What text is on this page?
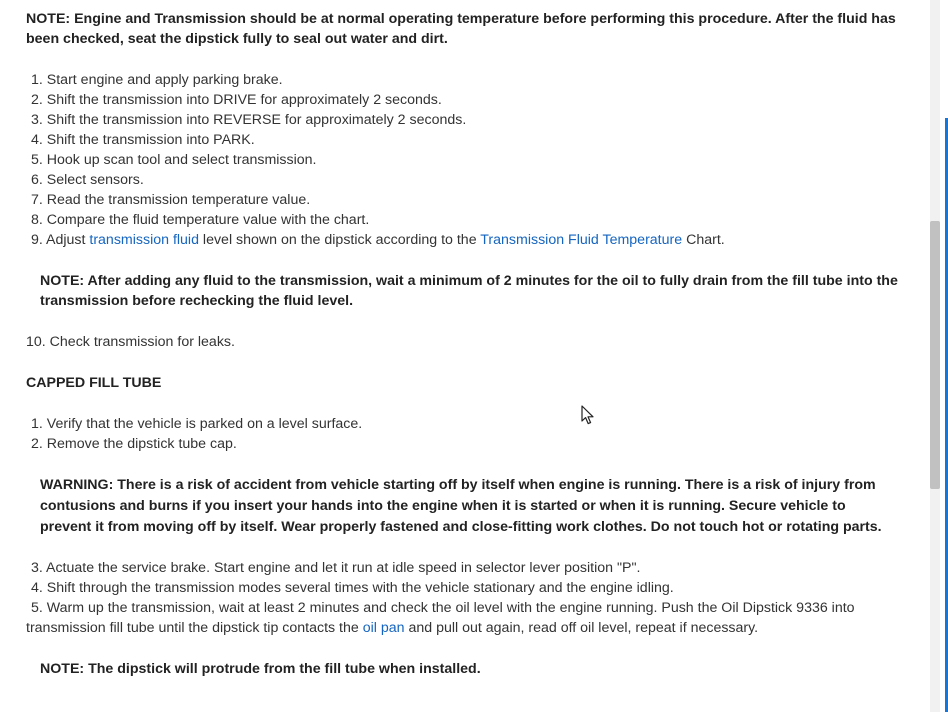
NOTE: Engine and Transmission should be at normal operating temperature before performing this procedure. After the fluid has been checked, seat the dipstick fully to seal out water and dirt.

1. Start engine and apply parking brake.
2. Shift the transmission into DRIVE for approximately 2 seconds.
3. Shift the transmission into REVERSE for approximately 2 seconds.
4. Shift the transmission into PARK.
5. Hook up scan tool and select transmission.
6. Select sensors.
7. Read the transmission temperature value.
8. Compare the fluid temperature value with the chart.
9. Adjust transmission fluid level shown on the dipstick according to the Transmission Fluid Temperature Chart.

NOTE: After adding any fluid to the transmission, wait a minimum of 2 minutes for the oil to fully drain from the fill tube into the transmission before rechecking the fluid level.

10. Check transmission for leaks.
CAPPED FILL TUBE
1. Verify that the vehicle is parked on a level surface.
2. Remove the dipstick tube cap.

WARNING: There is a risk of accident from vehicle starting off by itself when engine is running. There is a risk of injury from contusions and burns if you insert your hands into the engine when it is started or when it is running. Secure vehicle to prevent it from moving off by itself. Wear properly fastened and close-fitting work clothes. Do not touch hot or rotating parts.

3. Actuate the service brake. Start engine and let it run at idle speed in selector lever position "P".
4. Shift through the transmission modes several times with the vehicle stationary and the engine idling.
5. Warm up the transmission, wait at least 2 minutes and check the oil level with the engine running. Push the Oil Dipstick 9336 into transmission fill tube until the dipstick tip contacts the oil pan and pull out again, read off oil level, repeat if necessary.

NOTE: The dipstick will protrude from the fill tube when installed.
